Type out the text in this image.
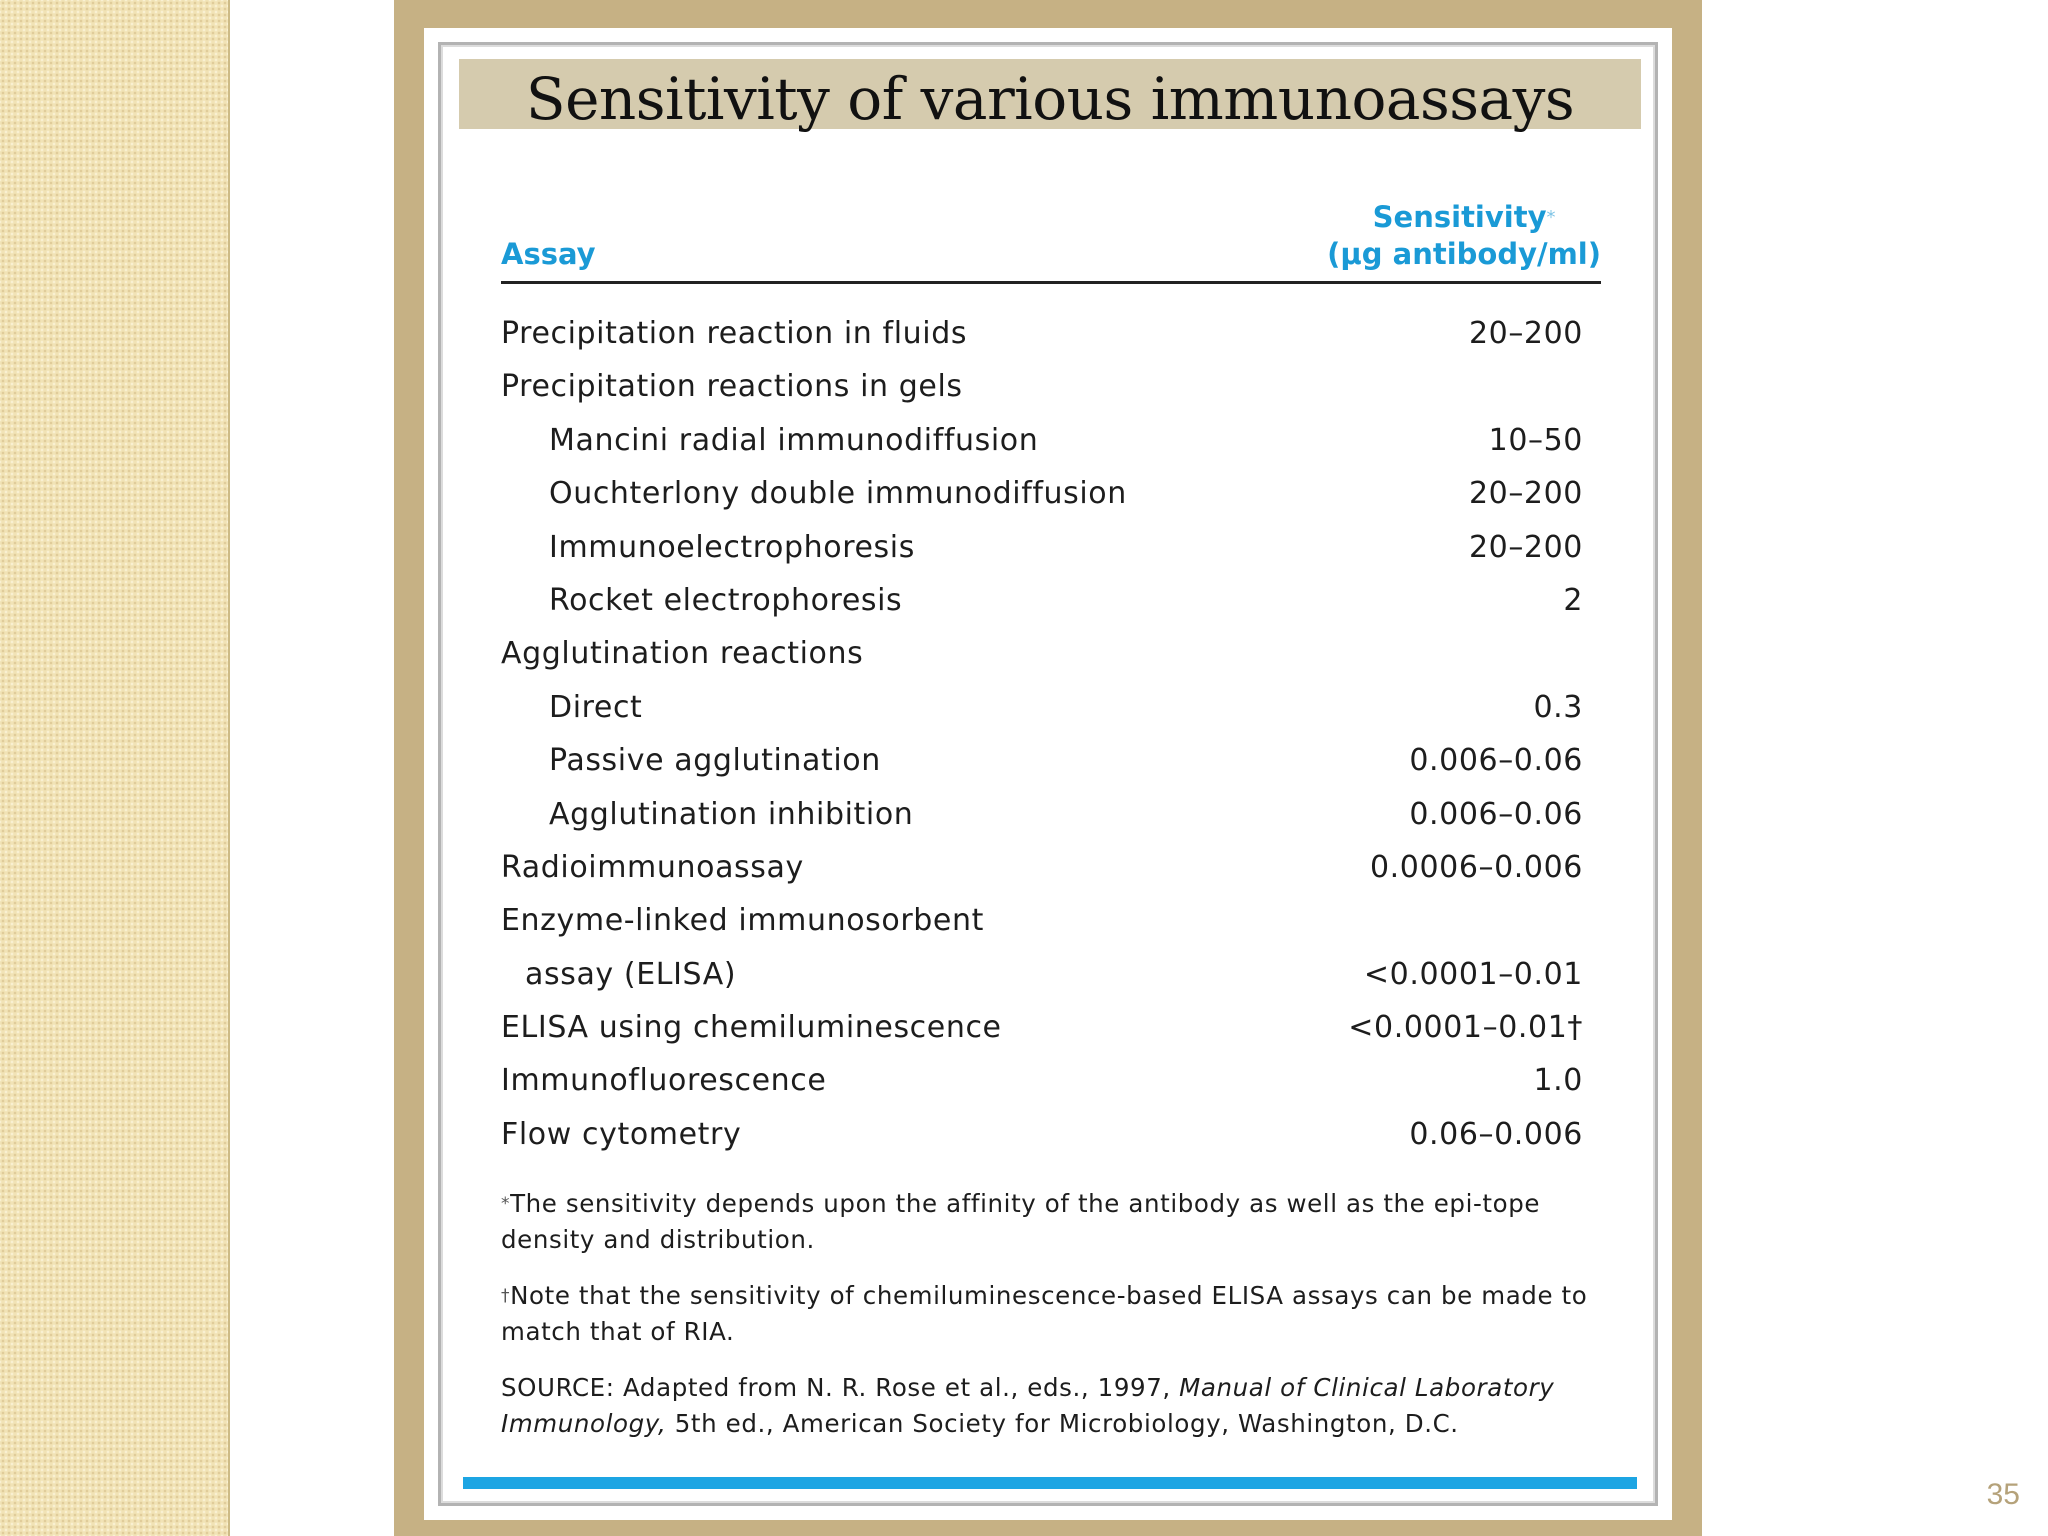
Sensitivity of various immunoassays
Assay
Sensitivity*
(μg antibody/ml)
Precipitation reaction in fluids	20–200
Precipitation reactions in gels
Mancini radial immunodiffusion	10–50
Ouchterlony double immunodiffusion	20–200
Immunoelectrophoresis	20–200
Rocket electrophoresis	2
Agglutination reactions
Direct	0.3
Passive agglutination	0.006–0.06
Agglutination inhibition	0.006–0.06
Radioimmunoassay	0.0006–0.006
Enzyme-linked immunosorbent
assay (ELISA)	<0.0001–0.01
ELISA using chemiluminescence	<0.0001–0.01†
Immunofluorescence	1.0
Flow cytometry	0.06–0.006
*The sensitivity depends upon the affinity of the antibody as well as the epi-tope density and distribution.
†Note that the sensitivity of chemiluminescence-based ELISA assays can be made to match that of RIA.
SOURCE: Adapted from N. R. Rose et al., eds., 1997, Manual of Clinical Laboratory Immunology, 5th ed., American Society for Microbiology, Washington, D.C.
35
